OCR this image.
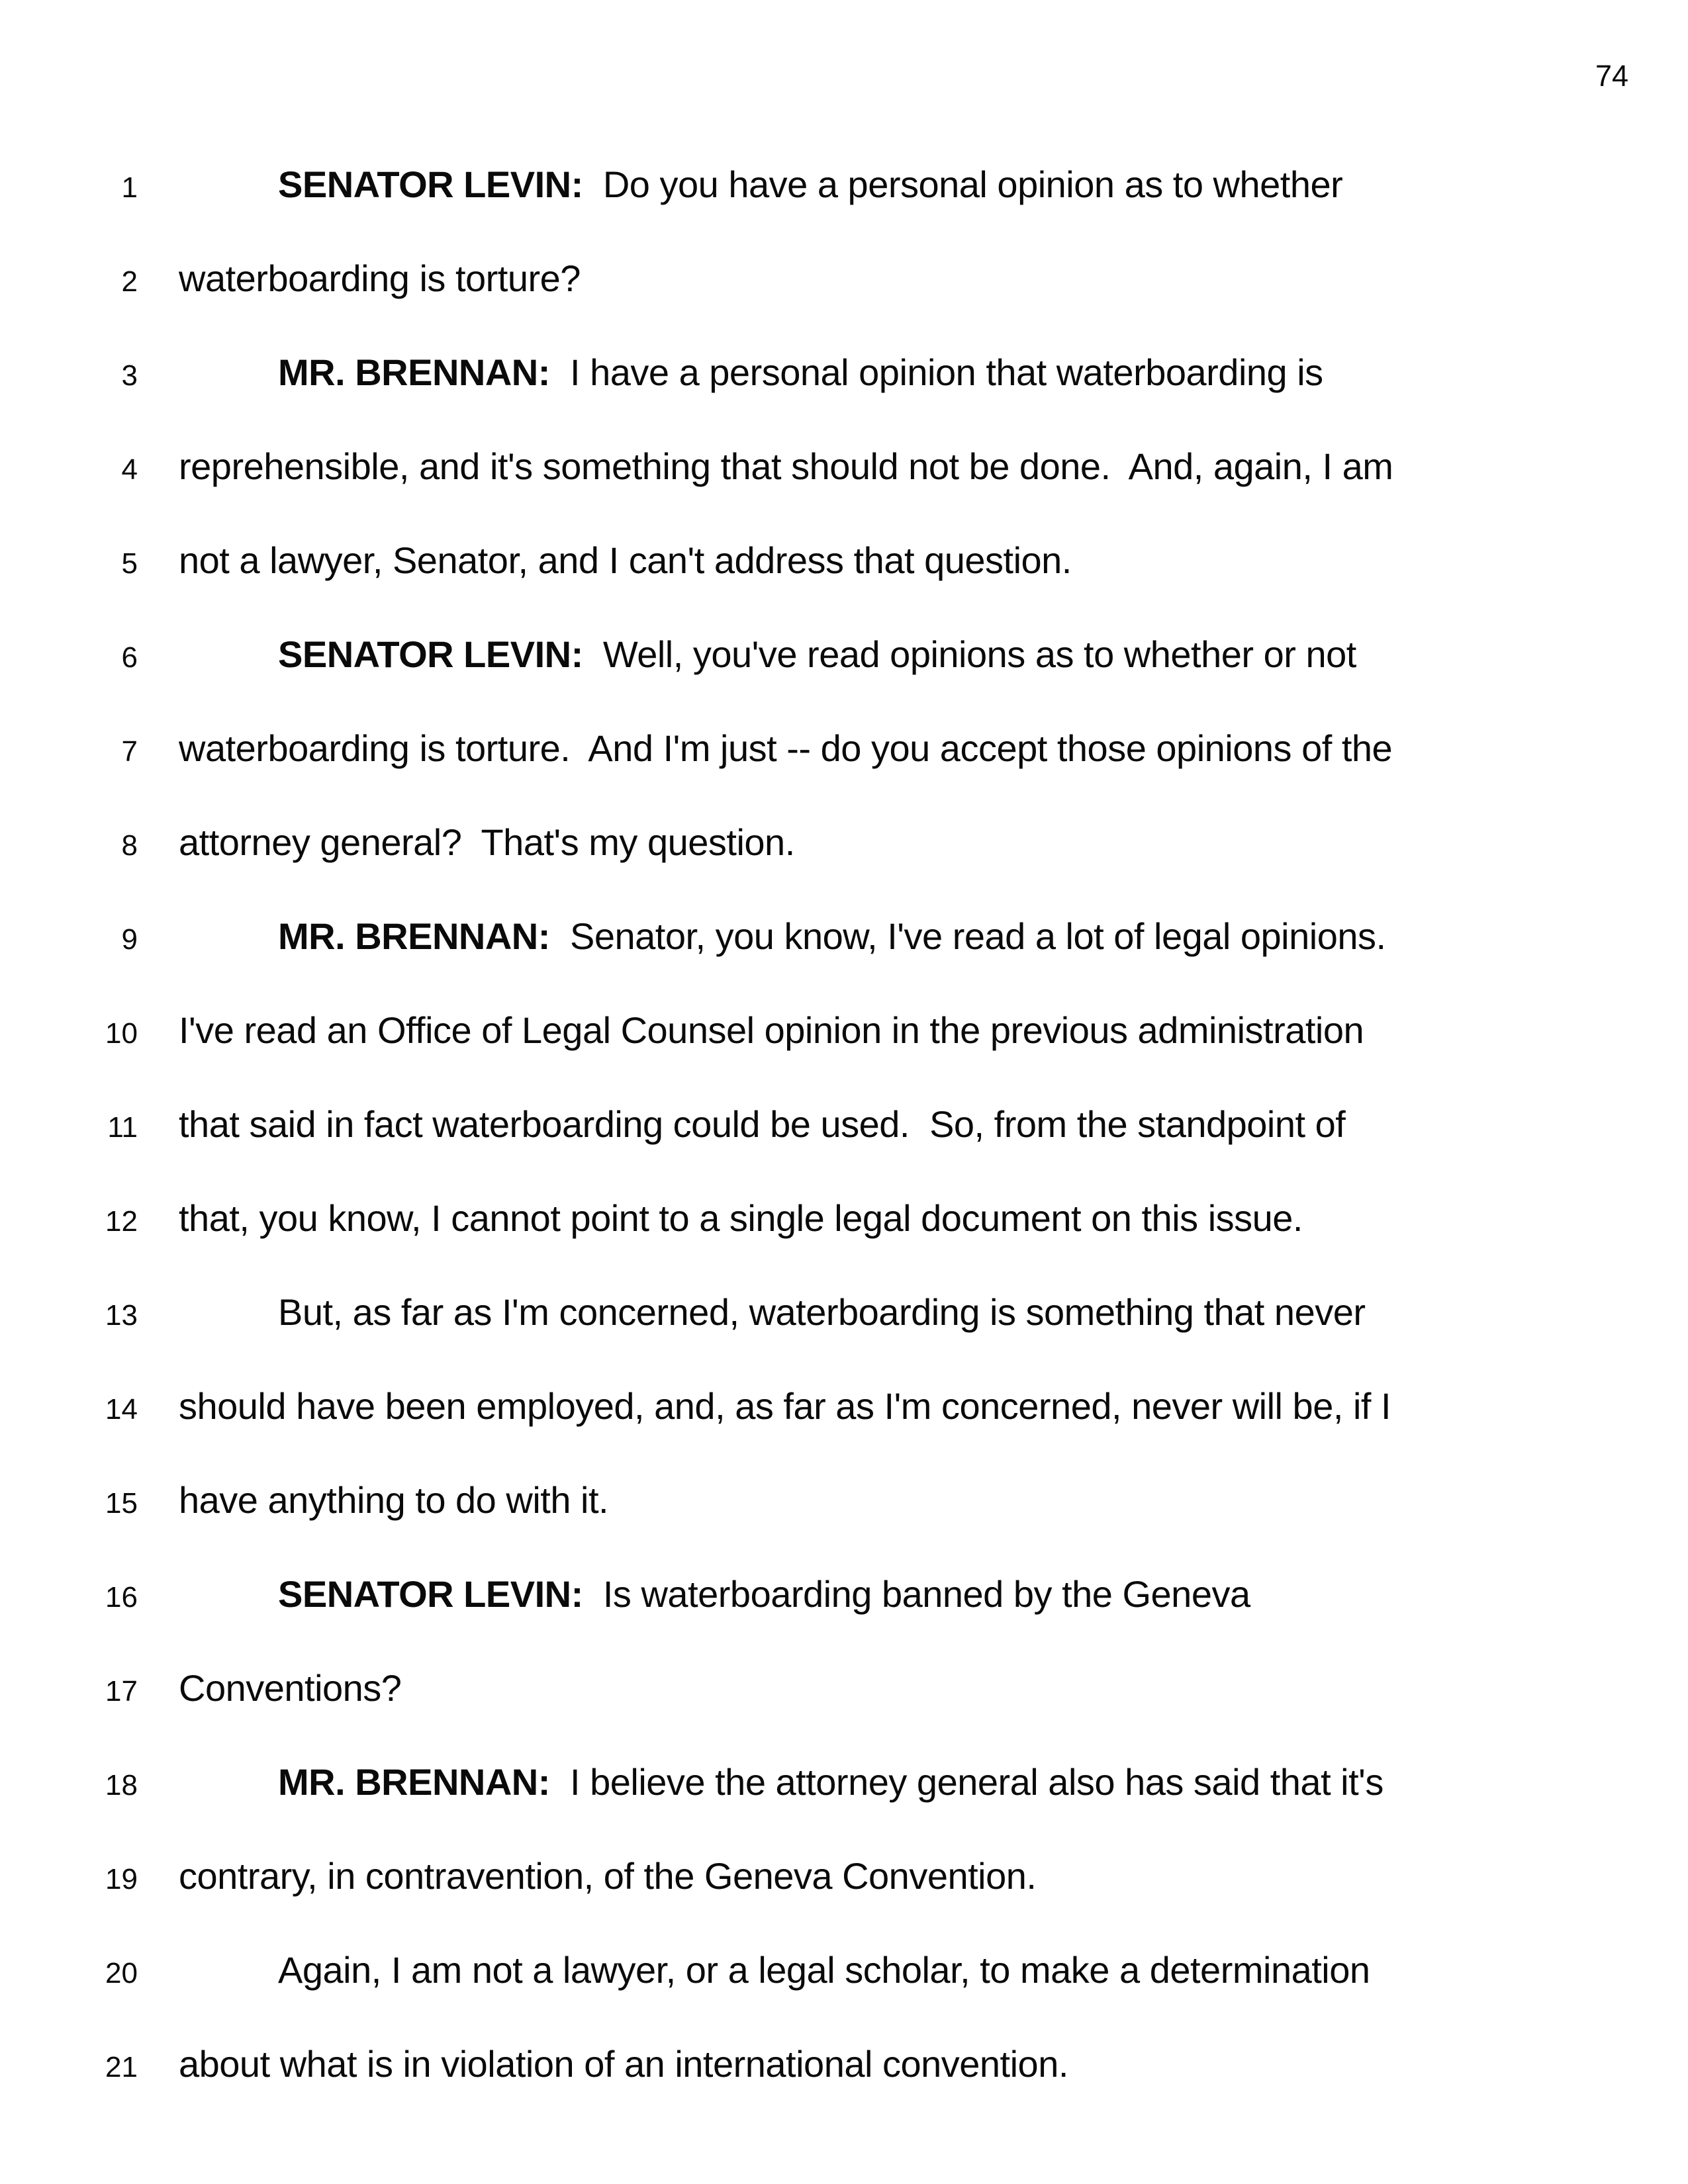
74
1	SENATOR LEVIN:  Do you have a personal opinion as to whether
2 waterboarding is torture?
3	MR. BRENNAN:  I have a personal opinion that waterboarding is
4 reprehensible, and it's something that should not be done.  And, again, I am
5 not a lawyer, Senator, and I can't address that question.
6	SENATOR LEVIN:  Well, you've read opinions as to whether or not
7 waterboarding is torture.  And I'm just -- do you accept those opinions of the
8 attorney general?  That's my question.
9	MR. BRENNAN:  Senator, you know, I've read a lot of legal opinions.
10 I've read an Office of Legal Counsel opinion in the previous administration
11 that said in fact waterboarding could be used.  So, from the standpoint of
12 that, you know, I cannot point to a single legal document on this issue.
13	But, as far as I'm concerned, waterboarding is something that never
14 should have been employed, and, as far as I'm concerned, never will be, if I
15 have anything to do with it.
16	SENATOR LEVIN:  Is waterboarding banned by the Geneva
17 Conventions?
18	MR. BRENNAN:  I believe the attorney general also has said that it's
19 contrary, in contravention, of the Geneva Convention.
20	Again, I am not a lawyer, or a legal scholar, to make a determination
21 about what is in violation of an international convention.
